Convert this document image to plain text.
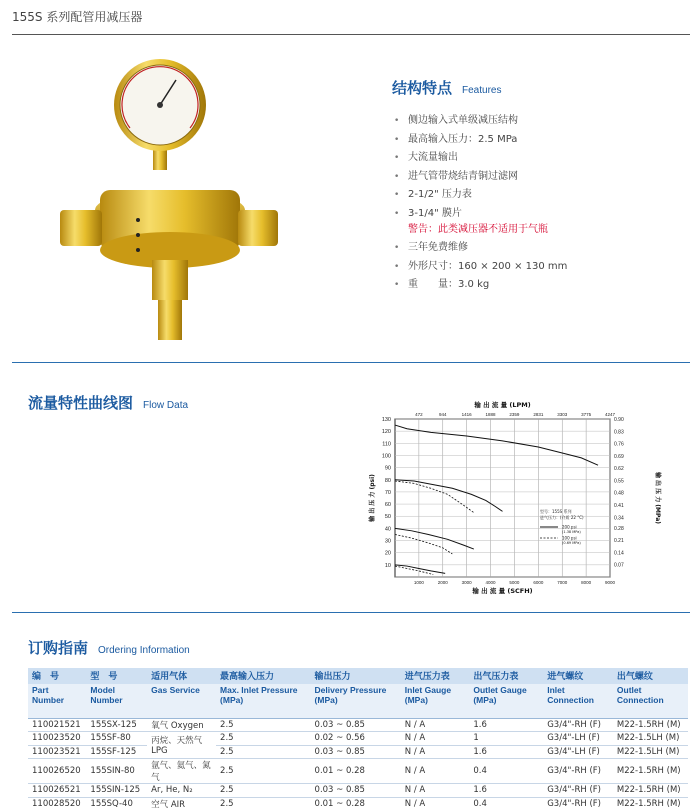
155S 系列配管用减压器
结构特点 Features
• 侧边输入式单级减压结构
• 最高输入压力：2.5 MPa
• 大流量输出
• 进气管带烧结青铜过滤网
• 2-1/2" 压力表
• 3-1/4" 膜片
警告：此类减压器不适用于气瓶
• 三年免费维修
• 外形尺寸：160 × 200 × 130 mm
• 重　　量：3.0 kg
流量特性曲线图 Flow Data
1000	2000	3000	4000	5000	6000	7000	8000	9000
472	944	1416	1888	2359	2831	3303	3775	4247
10
20
30
40
50
60
70
80
90
100
110
120
130
0.07
0.14
0.21
0.28
0.34
0.41
0.48
0.55
0.62
0.69
0.76
0.83
0.90
输 出 流 量 (LPM)
输 出 流 量 (SCFH)
输 出 压 力 (psi)	输 出 压 力 (MPa)
型号：155S 系列
进气压力：(介质 22 °C)
200 psi
(1.38 MPa)
100 psi
(0.69 MPa)
订购指南 Ordering Information
编　号	型　号	适用气体	最高输入压力	输出压力	进气压力表	出气压力表	进气螺纹	出气螺纹
Part Number	Model Number	Gas Service	Max. Inlet Pressure (MPa)	Delivery Pressure (MPa)	Inlet Gauge (MPa)	Outlet Gauge (MPa)	Inlet Connection	Outlet Connection
110021521	155SX-125	氧气 Oxygen	2.5	0.03 ~ 0.85	N / A	1.6	G3/4"-RH (F)	M22-1.5RH (M)
110023520	155SF-80	丙烷、天然气 LPG	2.5	0.02 ~ 0.56	N / A	1	G3/4"-LH (F)	M22-1.5LH (M)
110023521	155SF-125		2.5	0.03 ~ 0.85	N / A	1.6	G3/4"-LH (F)	M22-1.5LH (M)
110026520	155SIN-80	氩气、氦气、氮气	2.5	0.01 ~ 0.28	N / A	0.4	G3/4"-RH (F)	M22-1.5RH (M)
110026521	155SIN-125	Ar, He, N₂	2.5	0.03 ~ 0.85	N / A	1.6	G3/4"-RH (F)	M22-1.5RH (M)
110028520	155SQ-40	空气 AIR	2.5	0.01 ~ 0.28	N / A	0.4	G3/4"-RH (F)	M22-1.5RH (M)
